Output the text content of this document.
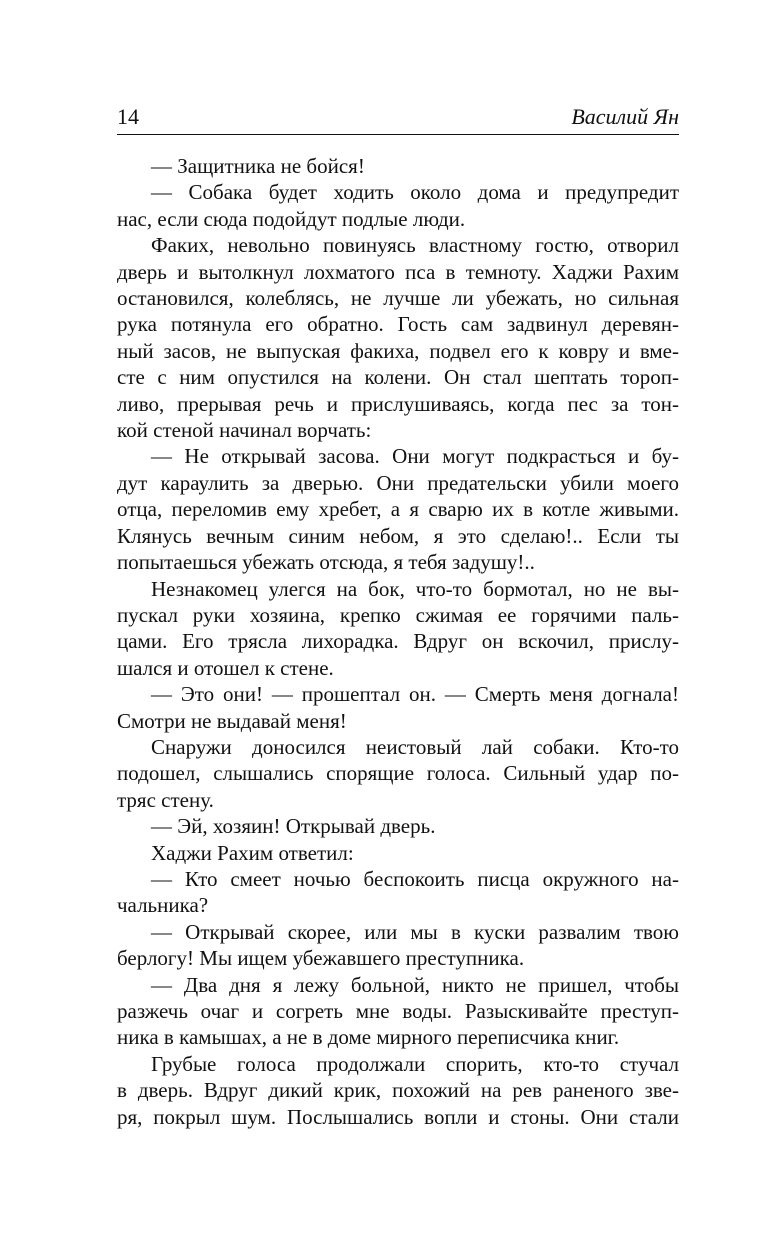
14	Василий Ян

— Защитника не бойся!

— Собака будет ходить около дома и предупредит

нас, если сюда подойдут подлые люди.

Факих, невольно повинуясь властному гостю, отворил

дверь и вытолкнул лохматого пса в темноту. Хаджи Рахим

остановился, колеблясь, не лучше ли убежать, но сильная

рука потянула его обратно. Гость сам задвинул деревян-

ный засов, не выпуская факиха, подвел его к ковру и вме-

сте с ним опустился на колени. Он стал шептать тороп-

ливо, прерывая речь и прислушиваясь, когда пес за тон-

кой стеной начинал ворчать:

— Не открывай засова. Они могут подкрасться и бу-

дут караулить за дверью. Они предательски убили моего

отца, переломив ему хребет, а я сварю их в котле живыми.

Клянусь вечным синим небом, я это сделаю!.. Если ты

попытаешься убежать отсюда, я тебя задушу!..

Незнакомец улегся на бок, что-то бормотал, но не вы-

пускал руки хозяина, крепко сжимая ее горячими паль-

цами. Его трясла лихорадка. Вдруг он вскочил, прислу-

шался и отошел к стене.

— Это они! — прошептал он. — Смерть меня догнала!

Смотри не выдавай меня!

Снаружи доносился неистовый лай собаки. Кто-то

подошел, слышались спорящие голоса. Сильный удар по-

тряс стену.

— Эй, хозяин! Открывай дверь.

Хаджи Рахим ответил:

— Кто смеет ночью беспокоить писца окружного на-

чальника?

— Открывай скорее, или мы в куски развалим твою

берлогу! Мы ищем убежавшего преступника.

— Два дня я лежу больной, никто не пришел, чтобы

разжечь очаг и согреть мне воды. Разыскивайте преступ-

ника в камышах, а не в доме мирного переписчика книг.

Грубые голоса продолжали спорить, кто-то стучал

в дверь. Вдруг дикий крик, похожий на рев раненого зве-

ря, покрыл шум. Послышались вопли и стоны. Они стали
